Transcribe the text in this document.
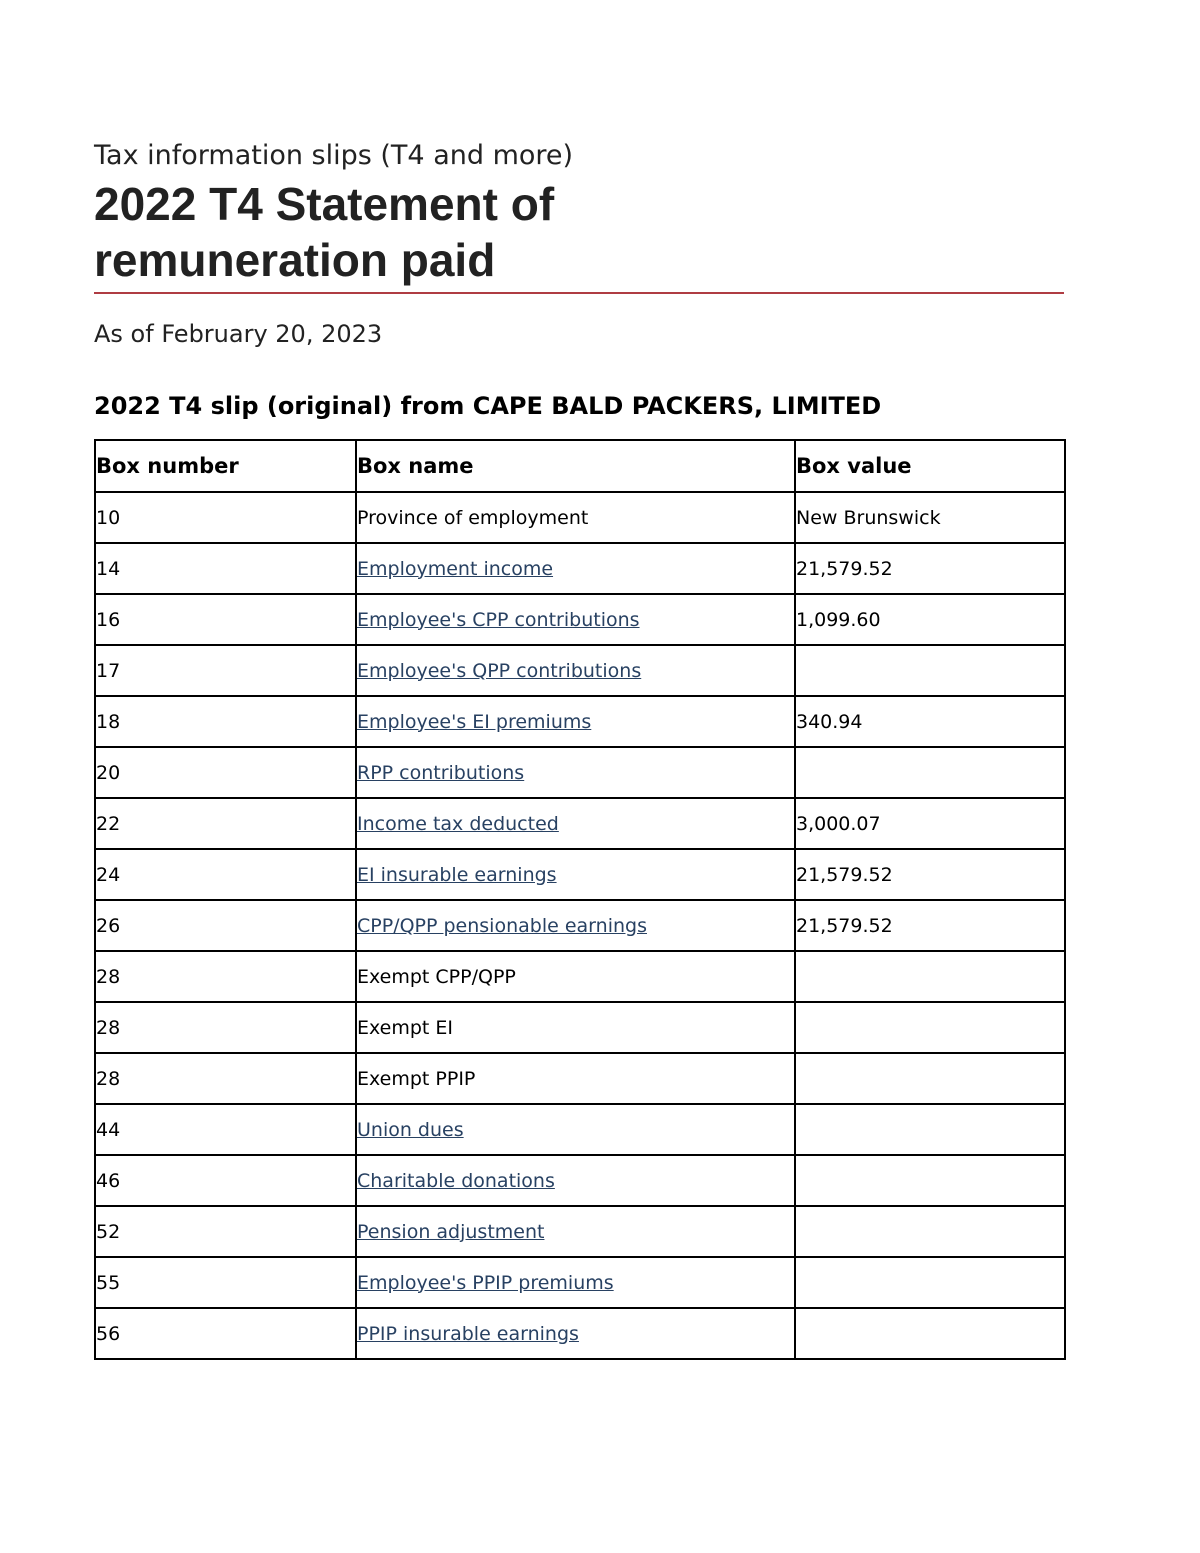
Tax information slips (T4 and more)

2022 T4 Statement of remuneration paid

As of February 20, 2023

2022 T4 slip (original) from CAPE BALD PACKERS, LIMITED
Box number	Box name	Box value
10	Province of employment	New Brunswick
14	Employment income	21,579.52
16	Employee's CPP contributions	1,099.60
17	Employee's QPP contributions	
18	Employee's EI premiums	340.94
20	RPP contributions	
22	Income tax deducted	3,000.07
24	EI insurable earnings	21,579.52
26	CPP/QPP pensionable earnings	21,579.52
28	Exempt CPP/QPP	
28	Exempt EI	
28	Exempt PPIP	
44	Union dues	
46	Charitable donations	
52	Pension adjustment	
55	Employee's PPIP premiums	
56	PPIP insurable earnings	
